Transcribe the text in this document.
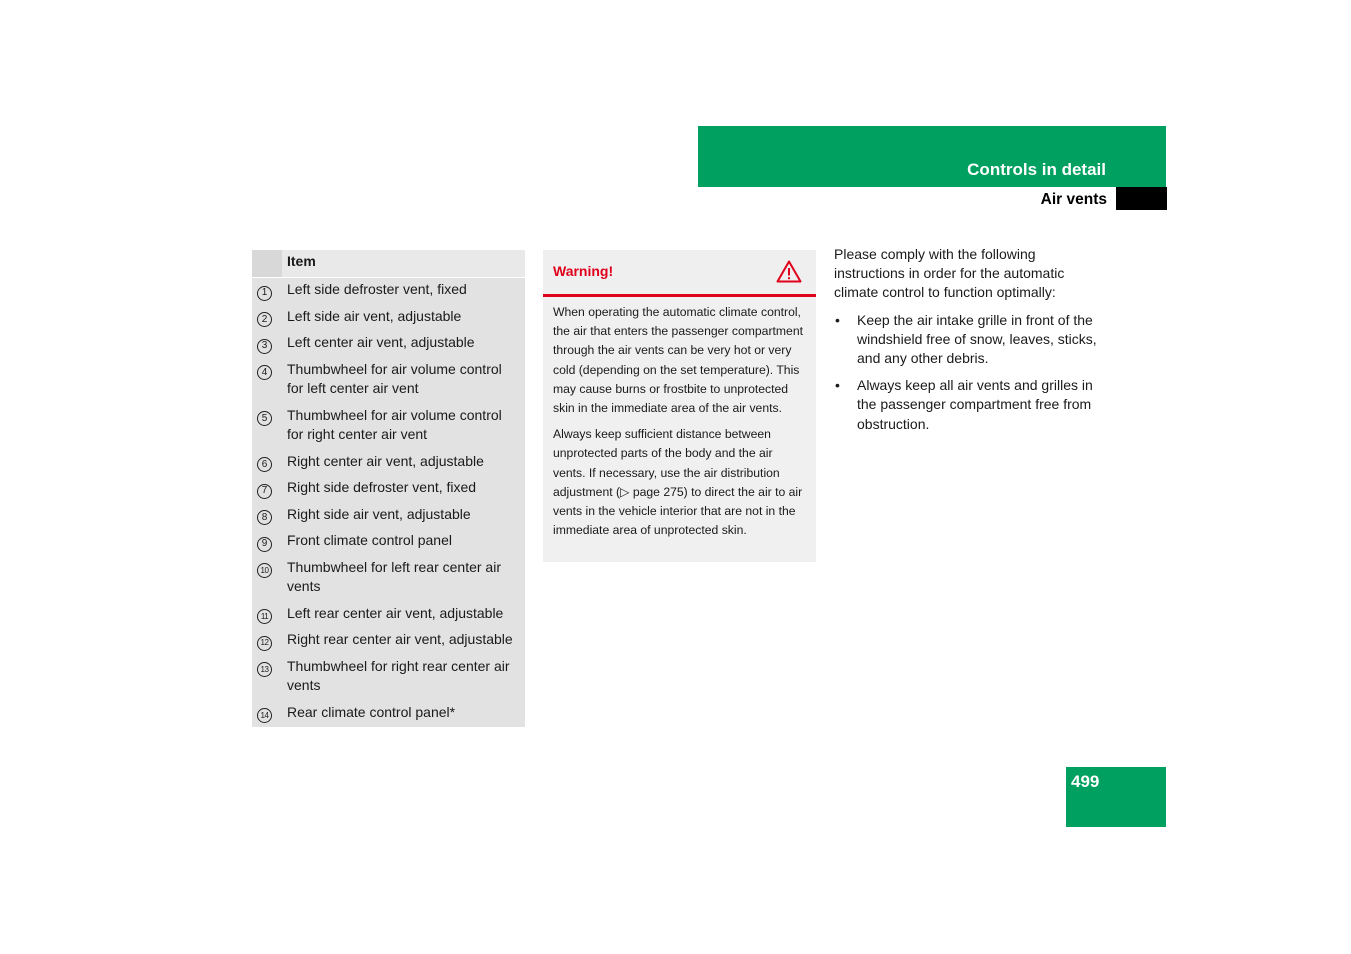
Controls in detail
Air vents
	Item
1	Left side defroster vent, fixed
2	Left side air vent, adjustable
3	Left center air vent, adjustable
4	Thumbwheel for air volume control for left center air vent
5	Thumbwheel for air volume control for right center air vent
6	Right center air vent, adjustable
7	Right side defroster vent, fixed
8	Right side air vent, adjustable
9	Front climate control panel
10	Thumbwheel for left rear center air vents
11	Left rear center air vent, adjustable
12	Right rear center air vent, adjustable
13	Thumbwheel for right rear center air vents
14	Rear climate control panel*
Warning!

When operating the automatic climate control, the air that enters the passenger compartment through the air vents can be very hot or very cold (depending on the set temperature). This may cause burns or frostbite to unprotected skin in the immediate area of the air vents.

Always keep sufficient distance between unprotected parts of the body and the air vents. If necessary, use the air distribution adjustment (▷ page 275) to direct the air to air vents in the vehicle interior that are not in the immediate area of unprotected skin.

Please comply with the following instructions in order for the automatic climate control to function optimally:

• Keep the air intake grille in front of the windshield free of snow, leaves, sticks, and any other debris.
• Always keep all air vents and grilles in the passenger compartment free from obstruction.
499
